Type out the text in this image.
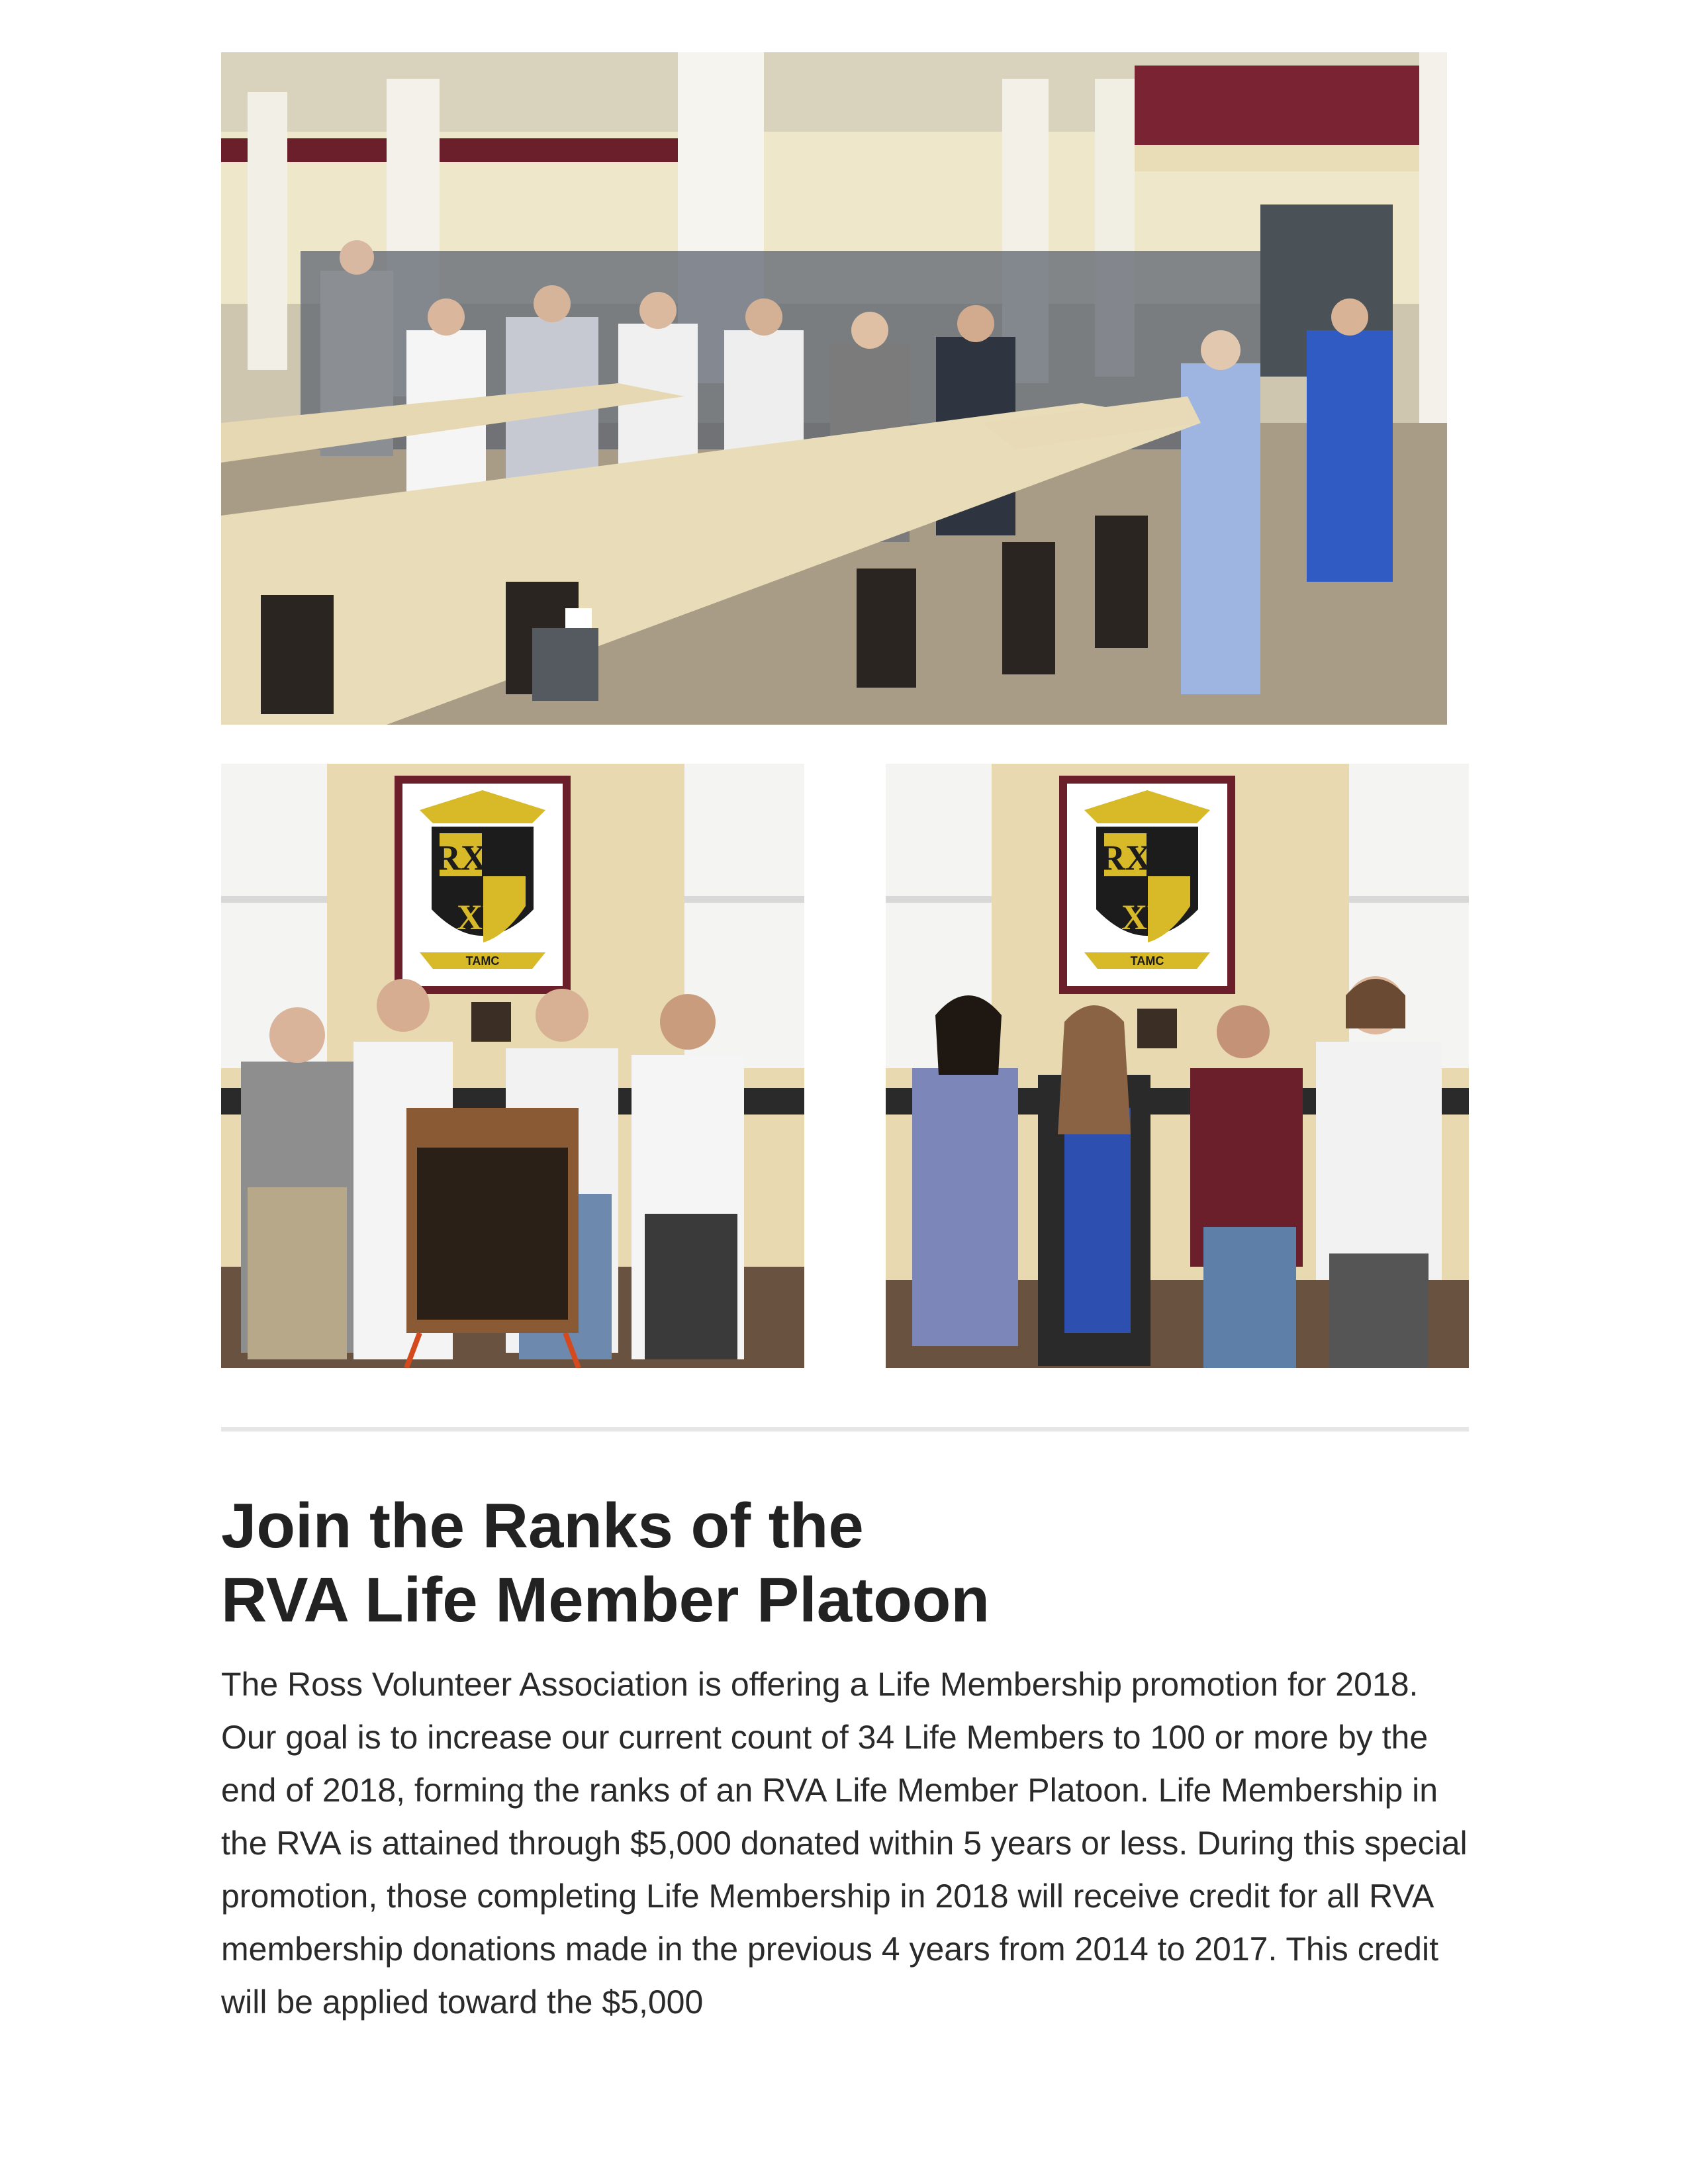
RX
XV
TAMC
RX
XV
TAMC
Join the Ranks of the
RVA Life Member Platoon

The Ross Volunteer Association is offering a Life Membership promotion for 2018. Our goal is to increase our current count of 34 Life Members to 100 or more by the end of 2018, forming the ranks of an RVA Life Member Platoon. Life Membership in the RVA is attained through $5,000 donated within 5 years or less. During this special promotion, those completing Life Membership in 2018 will receive credit for all RVA membership donations made in the previous 4 years from 2014 to 2017. This credit will be applied toward the $5,000
